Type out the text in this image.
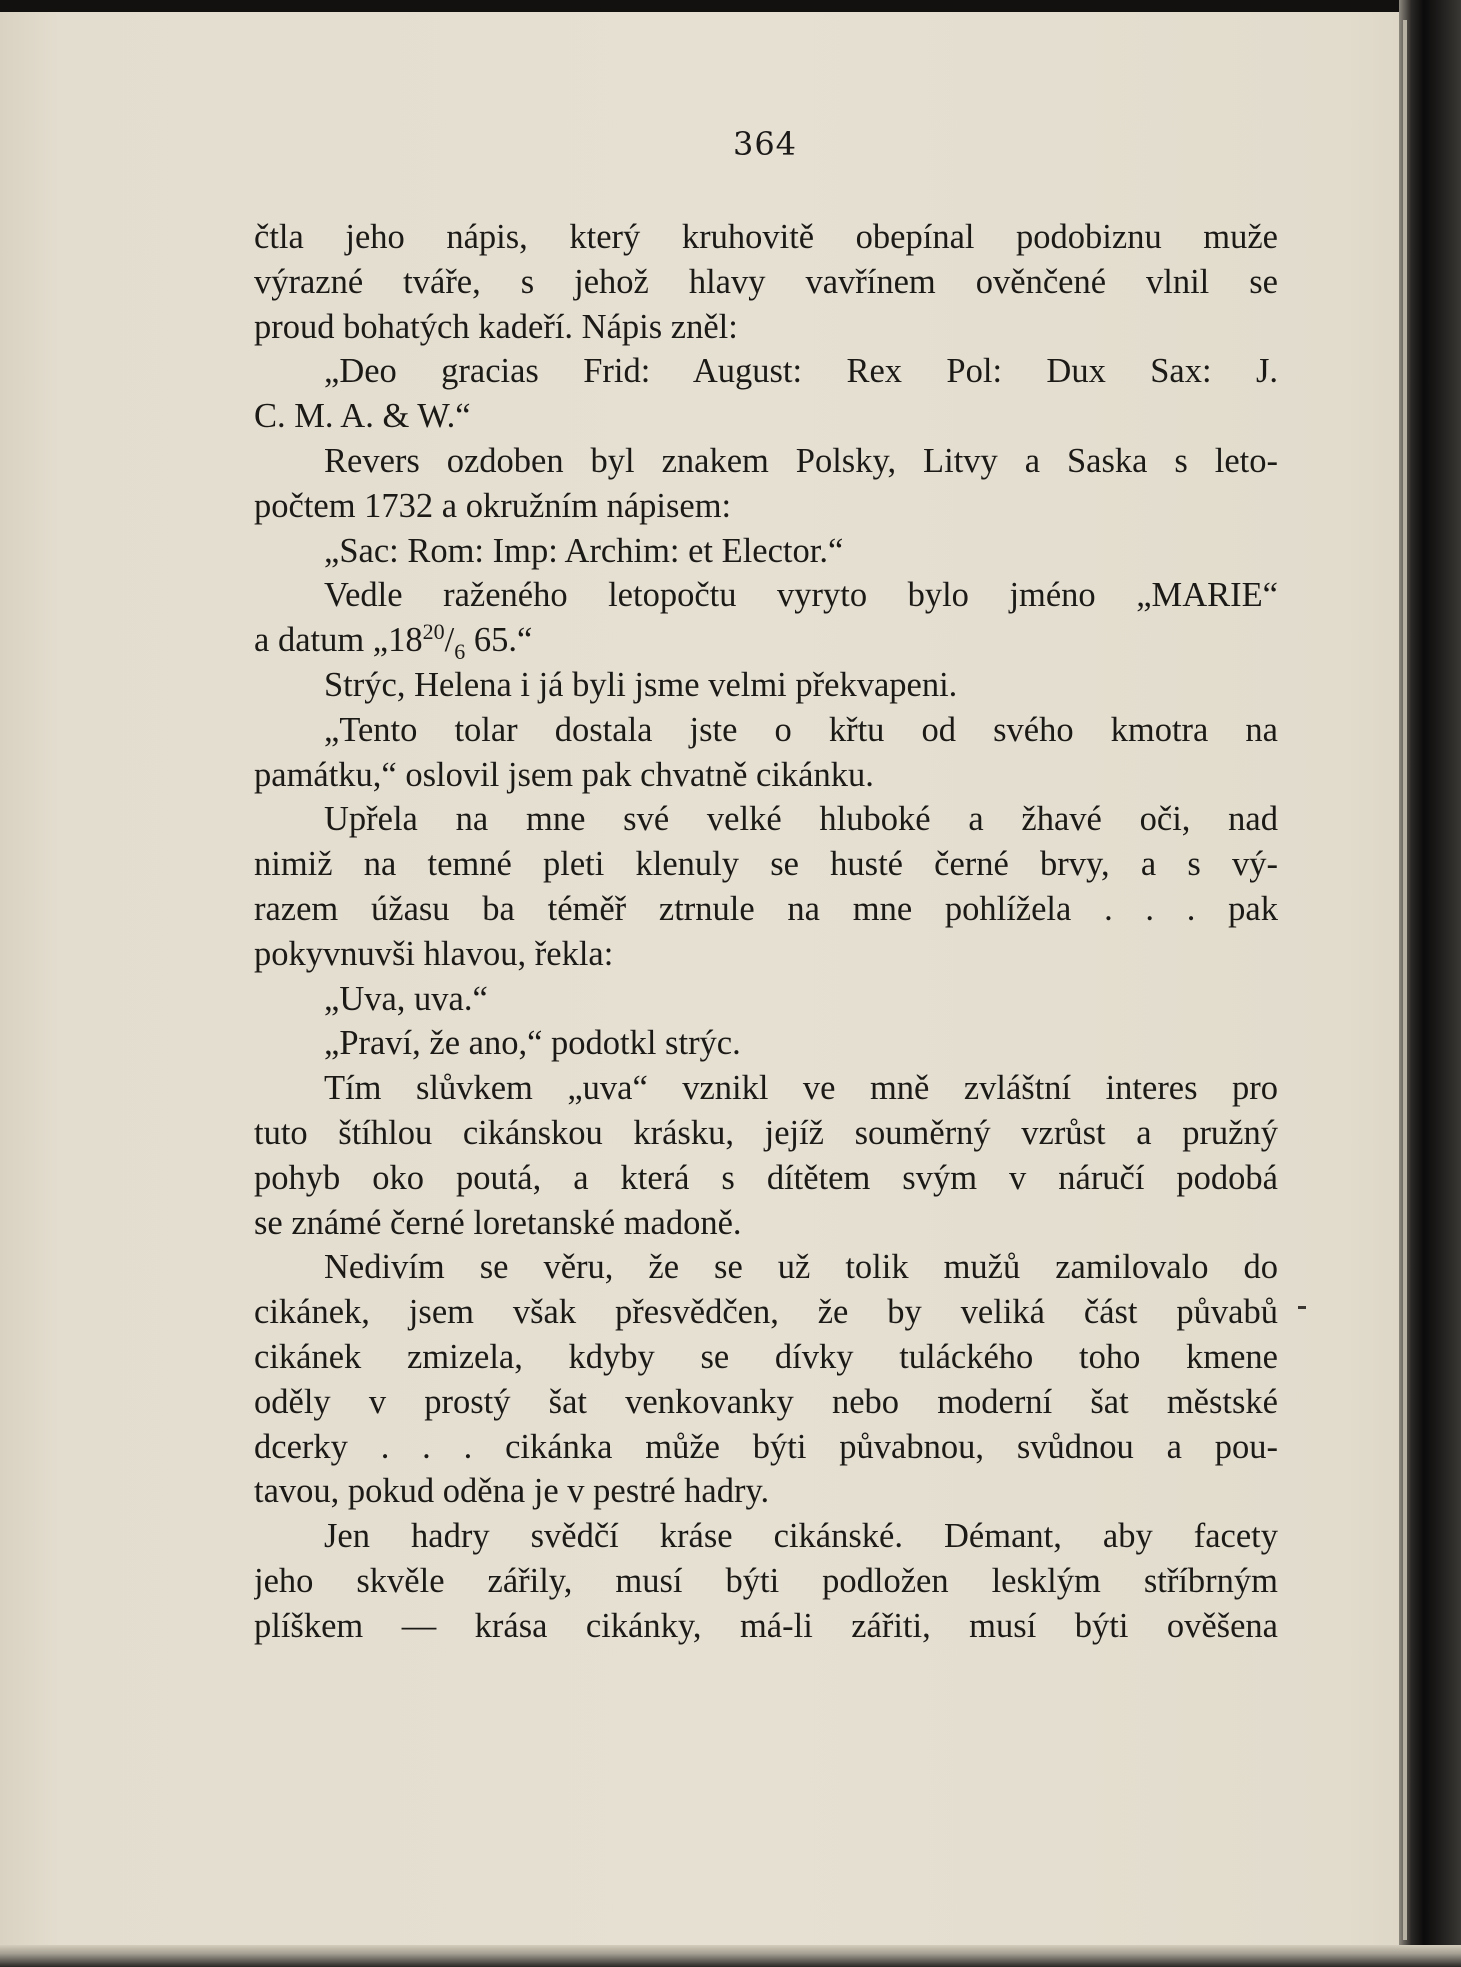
364
čtla jeho nápis, který kruhovitě obepínal podobiznu muže
výrazné tváře, s jehož hlavy vavřínem ověnčené vlnil se
proud bohatých kadeří. Nápis zněl:
„Deo gracias Frid: August: Rex Pol: Dux Sax: J.
C. M. A. & W.“
Revers ozdoben byl znakem Polsky, Litvy a Saska s leto-
počtem 1732 a okružním nápisem:
„Sac: Rom: Imp: Archim: et Elector.“
Vedle raženého letopočtu vyryto bylo jméno „MARIE“
a datum $„18^{20}/_6$ 65.“
Strýc, Helena i já byli jsme velmi překvapeni.
„Tento tolar dostala jste o křtu od svého kmotra na
památku,“ oslovil jsem pak chvatně cikánku.
Upřela na mne své velké hluboké a žhavé oči, nad
nimiž na temné pleti klenuly se husté černé brvy, a s vý-
razem úžasu ba téměř ztrnule na mne pohlížela . . . pak
pokyvnuvši hlavou, řekla:
„Uva, uva.“
„Praví, že ano,“ podotkl strýc.
Tím slůvkem „uva“ vznikl ve mně zvláštní interes pro
tuto štíhlou cikánskou krásku, jejíž souměrný vzrůst a pružný
pohyb oko poutá, a která s dítětem svým v náručí podobá
se známé černé loretanské madoně.
Nedivím se věru, že se už tolik mužů zamilovalo do
cikánek, jsem však přesvědčen, že by veliká část půvabů
cikánek zmizela, kdyby se dívky tuláckého toho kmene
oděly v prostý šat venkovanky nebo moderní šat městské
dcerky . . . cikánka může býti půvabnou, svůdnou a pou-
tavou, pokud oděna je v pestré hadry.
Jen hadry svědčí kráse cikánské. Démant, aby facety
jeho skvěle zářily, musí býti podložen lesklým stříbrným
plíškem — krása cikánky, má-li zářiti, musí býti ověšena
